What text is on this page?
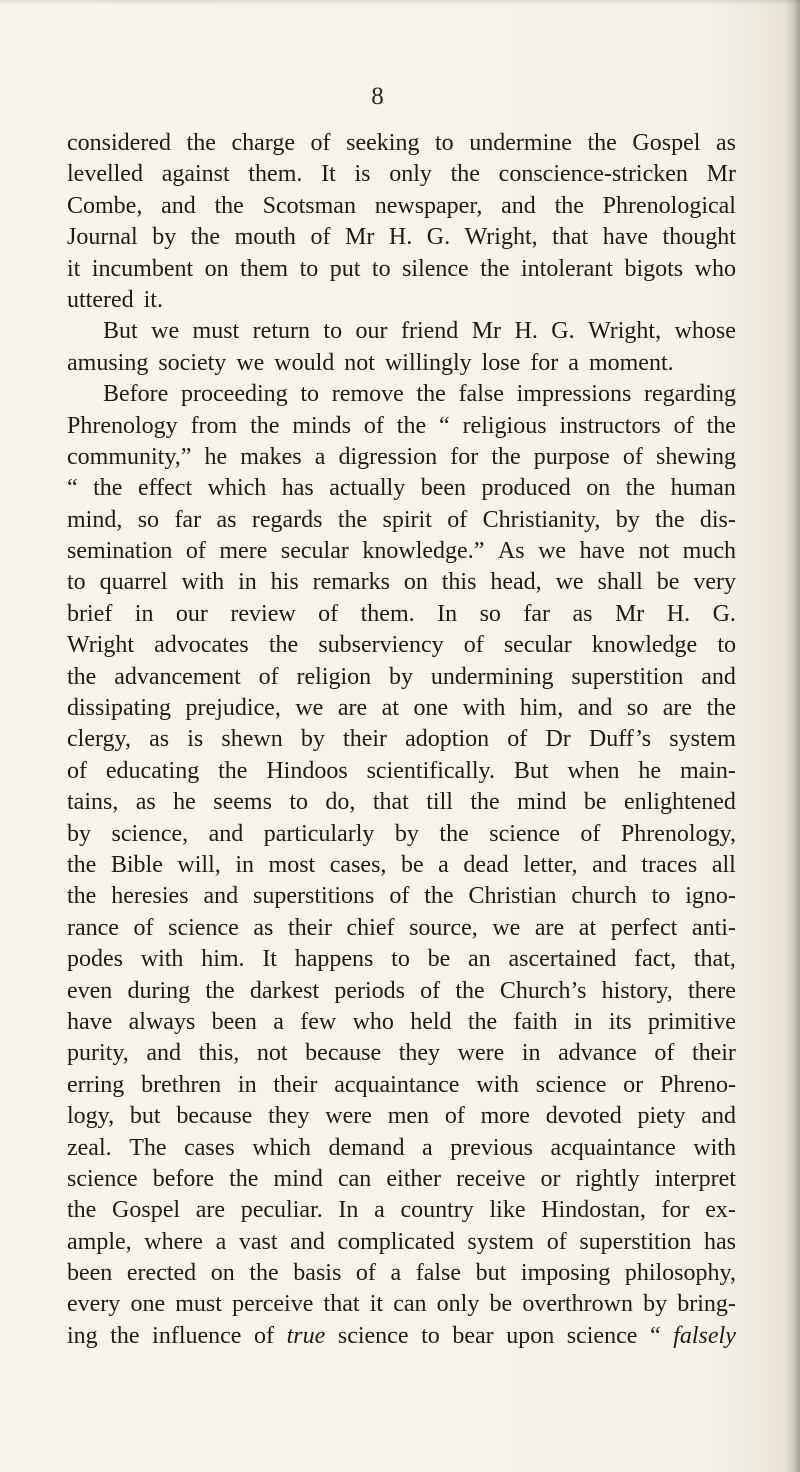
8
considered the charge of seeking to undermine the Gospel as
levelled against them. It is only the conscience-stricken Mr
Combe, and the Scotsman newspaper, and the Phrenological
Journal by the mouth of Mr H. G. Wright, that have thought
it incumbent on them to put to silence the intolerant bigots who
uttered it.
But we must return to our friend Mr H. G. Wright, whose
amusing society we would not willingly lose for a moment.
Before proceeding to remove the false impressions regarding
Phrenology from the minds of the “ religious instructors of the
community,” he makes a digression for the purpose of shewing
“ the effect which has actually been produced on the human
mind, so far as regards the spirit of Christianity, by the dis-
semination of mere secular knowledge.” As we have not much
to quarrel with in his remarks on this head, we shall be very
brief in our review of them. In so far as Mr H. G.
Wright advocates the subserviency of secular knowledge to
the advancement of religion by undermining superstition and
dissipating prejudice, we are at one with him, and so are the
clergy, as is shewn by their adoption of Dr Duff’s system
of educating the Hindoos scientifically. But when he main-
tains, as he seems to do, that till the mind be enlightened
by science, and particularly by the science of Phrenology,
the Bible will, in most cases, be a dead letter, and traces all
the heresies and superstitions of the Christian church to igno-
rance of science as their chief source, we are at perfect anti-
podes with him. It happens to be an ascertained fact, that,
even during the darkest periods of the Church’s history, there
have always been a few who held the faith in its primitive
purity, and this, not because they were in advance of their
erring brethren in their acquaintance with science or Phreno-
logy, but because they were men of more devoted piety and
zeal. The cases which demand a previous acquaintance with
science before the mind can either receive or rightly interpret
the Gospel are peculiar. In a country like Hindostan, for ex-
ample, where a vast and complicated system of superstition has
been erected on the basis of a false but imposing philosophy,
every one must perceive that it can only be overthrown by bring-
ing the influence of true science to bear upon science “ falsely
